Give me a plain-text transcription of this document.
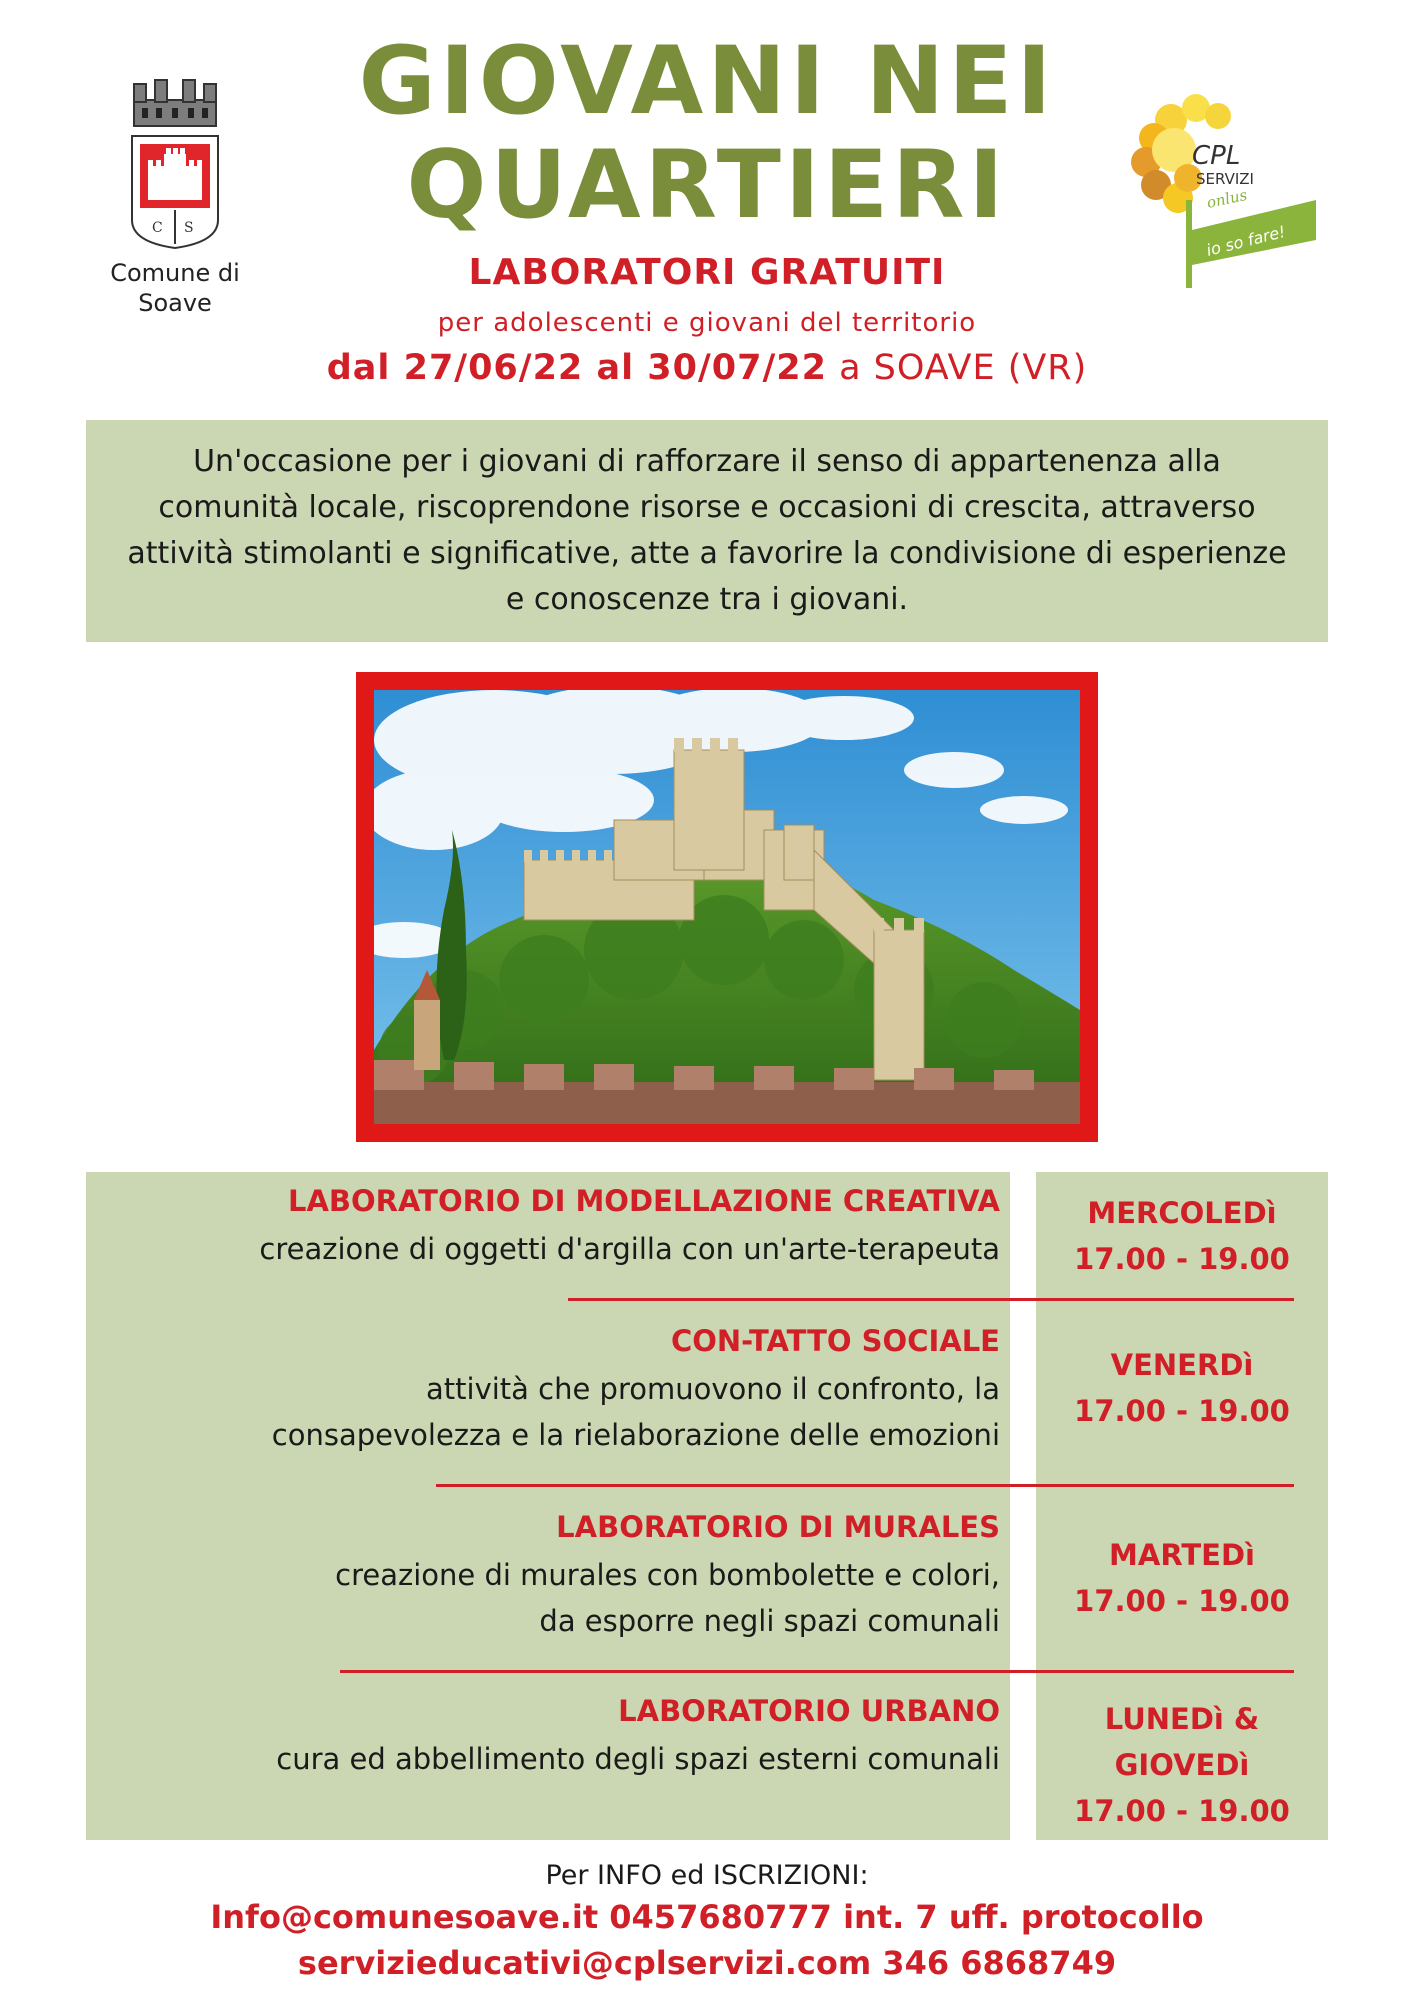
C S
Comune di
Soave
GIOVANI NEI
QUARTIERI
LABORATORI GRATUITI
per adolescenti e giovani del territorio
dal 27/06/22 al 30/07/22 a SOAVE (VR)
CPL
SERVIZI
onlus
io so fare!

Un'occasione per i giovani di rafforzare il senso di appartenenza alla comunità locale, riscoprendone risorse e occasioni di crescita, attraverso attività stimolanti e significative, atte a favorire la condivisione di esperienze e conoscenze tra i giovani.

LABORATORIO DI MODELLAZIONE CREATIVA
creazione di oggetti d'argilla con un'arte-terapeuta
MERCOLEDì
17.00 - 19.00
CON-TATTO SOCIALE
attività che promuovono il confronto, la
consapevolezza e la rielaborazione delle emozioni
VENERDì
17.00 - 19.00
LABORATORIO DI MURALES
creazione di murales con bombolette e colori,
da esporre negli spazi comunali
MARTEDì
17.00 - 19.00
LABORATORIO URBANO
cura ed abbellimento degli spazi esterni comunali
LUNEDì &
GIOVEDì
17.00 - 19.00
Per INFO ed ISCRIZIONI:
Info@comunesoave.it 0457680777 int. 7 uff. protocollo
servizieducativi@cplservizi.com 346 6868749
